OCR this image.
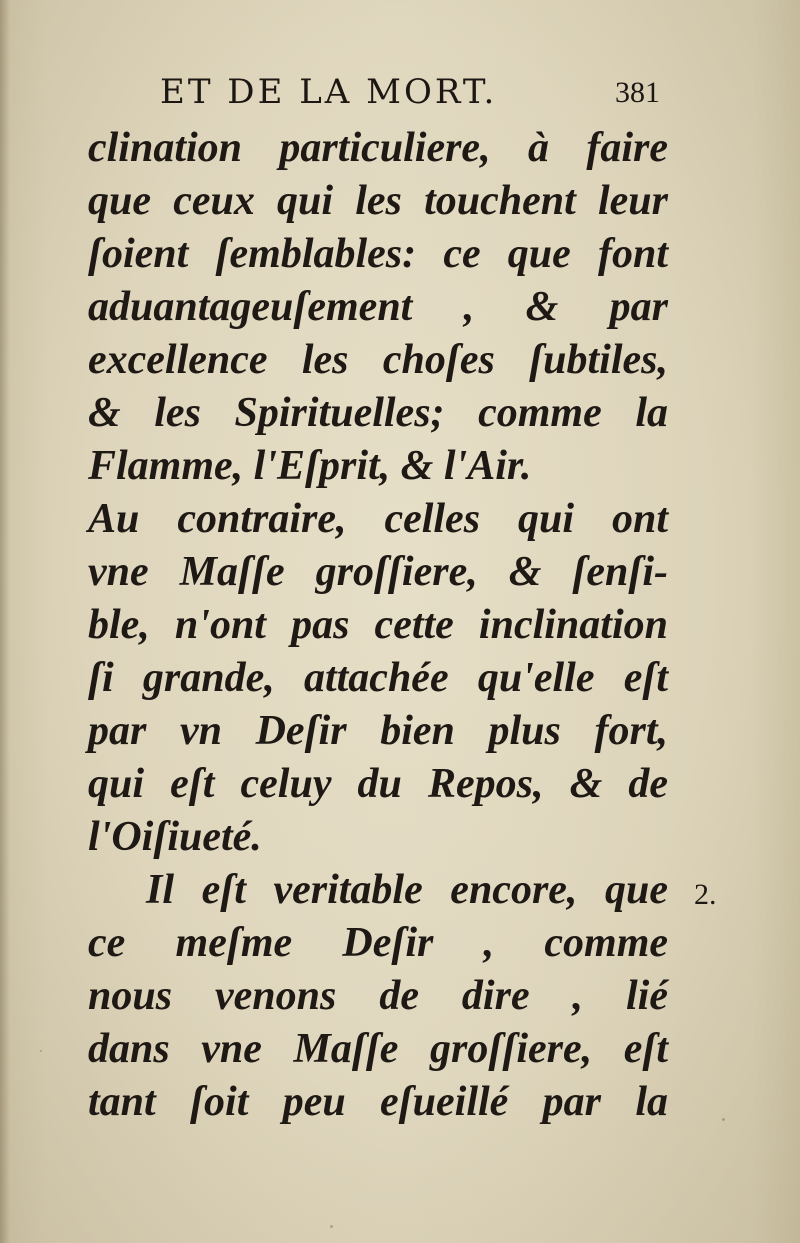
ET DE LA MORT.	381
clination particuliere, à faire
que ceux qui les touchent leur
ſoient ſemblables: ce que font
aduantageuſement , & par
excellence les choſes ſubtiles,
& les Spirituelles; comme la
Flamme, l'Eſprit, & l'Air.
Au contraire, celles qui ont
vne Maſſe groſſiere, & ſenſi-
ble, n'ont pas cette inclination
ſi grande, attachée qu'elle eſt
par vn Deſir bien plus fort,
qui eſt celuy du Repos, & de
l'Oiſiueté.
Il eſt veritable encore, que
ce meſme Deſir , comme
nous venons de dire , lié
dans vne Maſſe groſſiere, eſt
tant ſoit peu eſueillé par la
2.
